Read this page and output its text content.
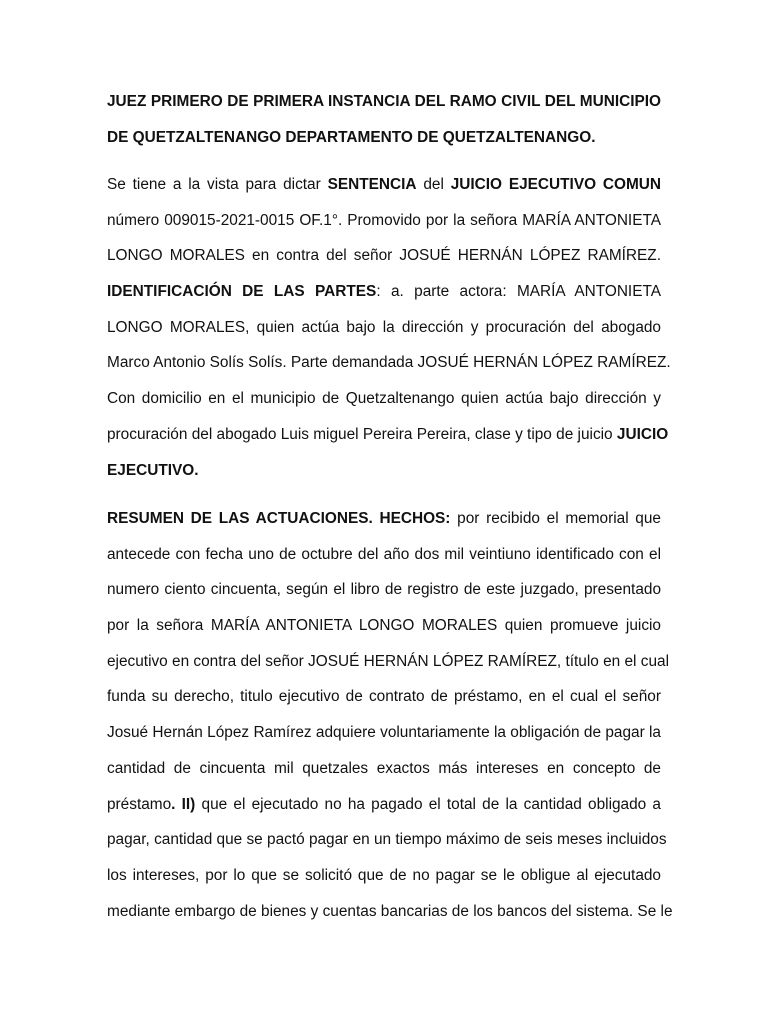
JUEZ PRIMERO DE PRIMERA INSTANCIA DEL RAMO CIVIL DEL MUNICIPIO
DE QUETZALTENANGO DEPARTAMENTO DE QUETZALTENANGO.
Se tiene a la vista para dictar SENTENCIA del JUICIO EJECUTIVO COMUN
número 009015-2021-0015 OF.1°. Promovido por la señora MARÍA ANTONIETA
LONGO MORALES en contra del señor JOSUÉ HERNÁN LÓPEZ RAMÍREZ.
IDENTIFICACIÓN DE LAS PARTES: a. parte actora: MARÍA ANTONIETA
LONGO MORALES, quien actúa bajo la dirección y procuración del abogado
Marco Antonio Solís Solís. Parte demandada JOSUÉ HERNÁN LÓPEZ RAMÍREZ.
Con domicilio en el municipio de Quetzaltenango quien actúa bajo dirección y
procuración del abogado Luis miguel Pereira Pereira, clase y tipo de juicio JUICIO
EJECUTIVO.
RESUMEN DE LAS ACTUACIONES. HECHOS: por recibido el memorial que
antecede con fecha uno de octubre del año dos mil veintiuno identificado con el
numero ciento cincuenta, según el libro de registro de este juzgado, presentado
por la señora MARÍA ANTONIETA LONGO MORALES quien promueve juicio
ejecutivo en contra del señor JOSUÉ HERNÁN LÓPEZ RAMÍREZ, título en el cual
funda su derecho, titulo ejecutivo de contrato de préstamo, en el cual el señor
Josué Hernán López Ramírez adquiere voluntariamente la obligación de pagar la
cantidad de cincuenta mil quetzales exactos más intereses en concepto de
préstamo. II) que el ejecutado no ha pagado el total de la cantidad obligado a
pagar, cantidad que se pactó pagar en un tiempo máximo de seis meses incluidos
los intereses, por lo que se solicitó que de no pagar se le obligue al ejecutado
mediante embargo de bienes y cuentas bancarias de los bancos del sistema. Se le
